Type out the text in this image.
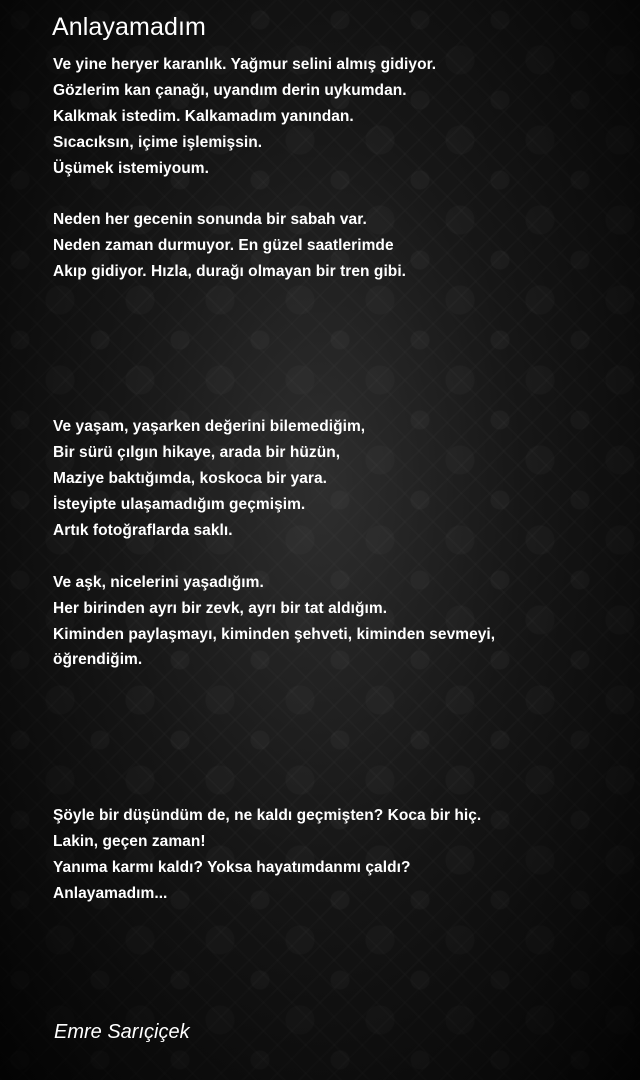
Anlayamadım
Ve yine heryer karanlık. Yağmur selini almış gidiyor.
Gözlerim kan çanağı, uyandım derin uykumdan.
Kalkmak istedim. Kalkamadım yanından.
Sıcacıksın, içime işlemişsin.
Üşümek istemiyoum.
Neden her gecenin sonunda bir sabah var.
Neden zaman durmuyor. En güzel saatlerimde
Akıp gidiyor. Hızla, durağı olmayan bir tren gibi.
Ve yaşam, yaşarken değerini bilemediğim,
Bir sürü çılgın hikaye, arada bir hüzün,
Maziye baktığımda, koskoca bir yara.
İsteyipte ulaşamadığım geçmişim.
Artık fotoğraflarda saklı.
Ve aşk, nicelerini yaşadığım.
Her birinden ayrı bir zevk, ayrı bir tat aldığım.
Kiminden paylaşmayı, kiminden şehveti, kiminden sevmeyi,
öğrendiğim.
Şöyle bir düşündüm de, ne kaldı geçmişten? Koca bir hiç.
Lakin, geçen zaman!
Yanıma karmı kaldı? Yoksa hayatımdanmı çaldı?
Anlayamadım...
Emre Sarıçiçek
